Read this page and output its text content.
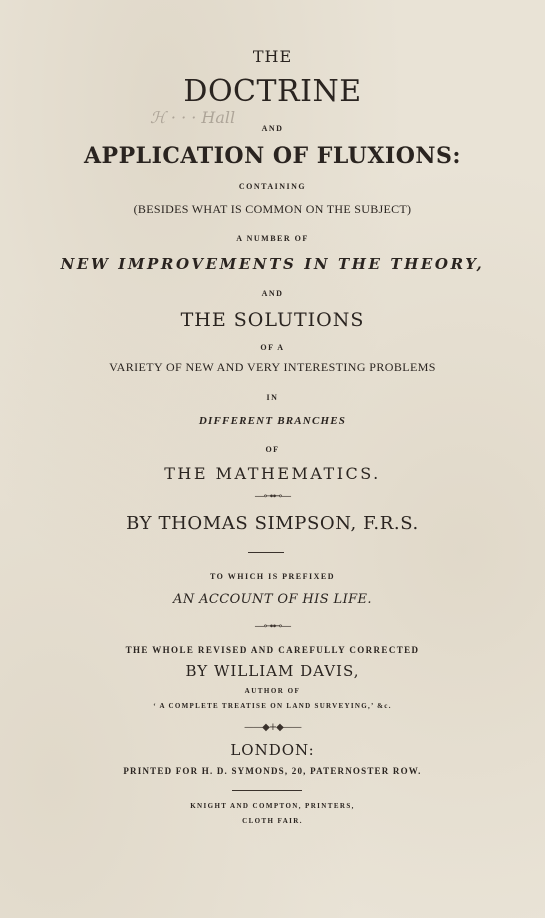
ℋ · · · Hall
THE
DOCTRINE
AND
APPLICATION OF FLUXIONS:
CONTAINING
(BESIDES WHAT IS COMMON ON THE SUBJECT)
A NUMBER OF
NEW IMPROVEMENTS IN THE THEORY,
AND
THE SOLUTIONS
OF A
VARIETY OF NEW AND VERY INTERESTING PROBLEMS
IN
DIFFERENT BRANCHES
OF
THE MATHEMATICS.
—⊶⊷—
BY THOMAS SIMPSON, F.R.S.
TO WHICH IS PREFIXED
AN ACCOUNT OF HIS LIFE.
—⊶⊷—
THE WHOLE REVISED AND CAREFULLY CORRECTED
BY WILLIAM DAVIS,
AUTHOR OF
‘ A COMPLETE TREATISE ON LAND SURVEYING,’ &c.
——◆+◆——
LONDON:
PRINTED FOR H. D. SYMONDS, 20, PATERNOSTER ROW.
KNIGHT AND COMPTON, PRINTERS,
CLOTH FAIR.
